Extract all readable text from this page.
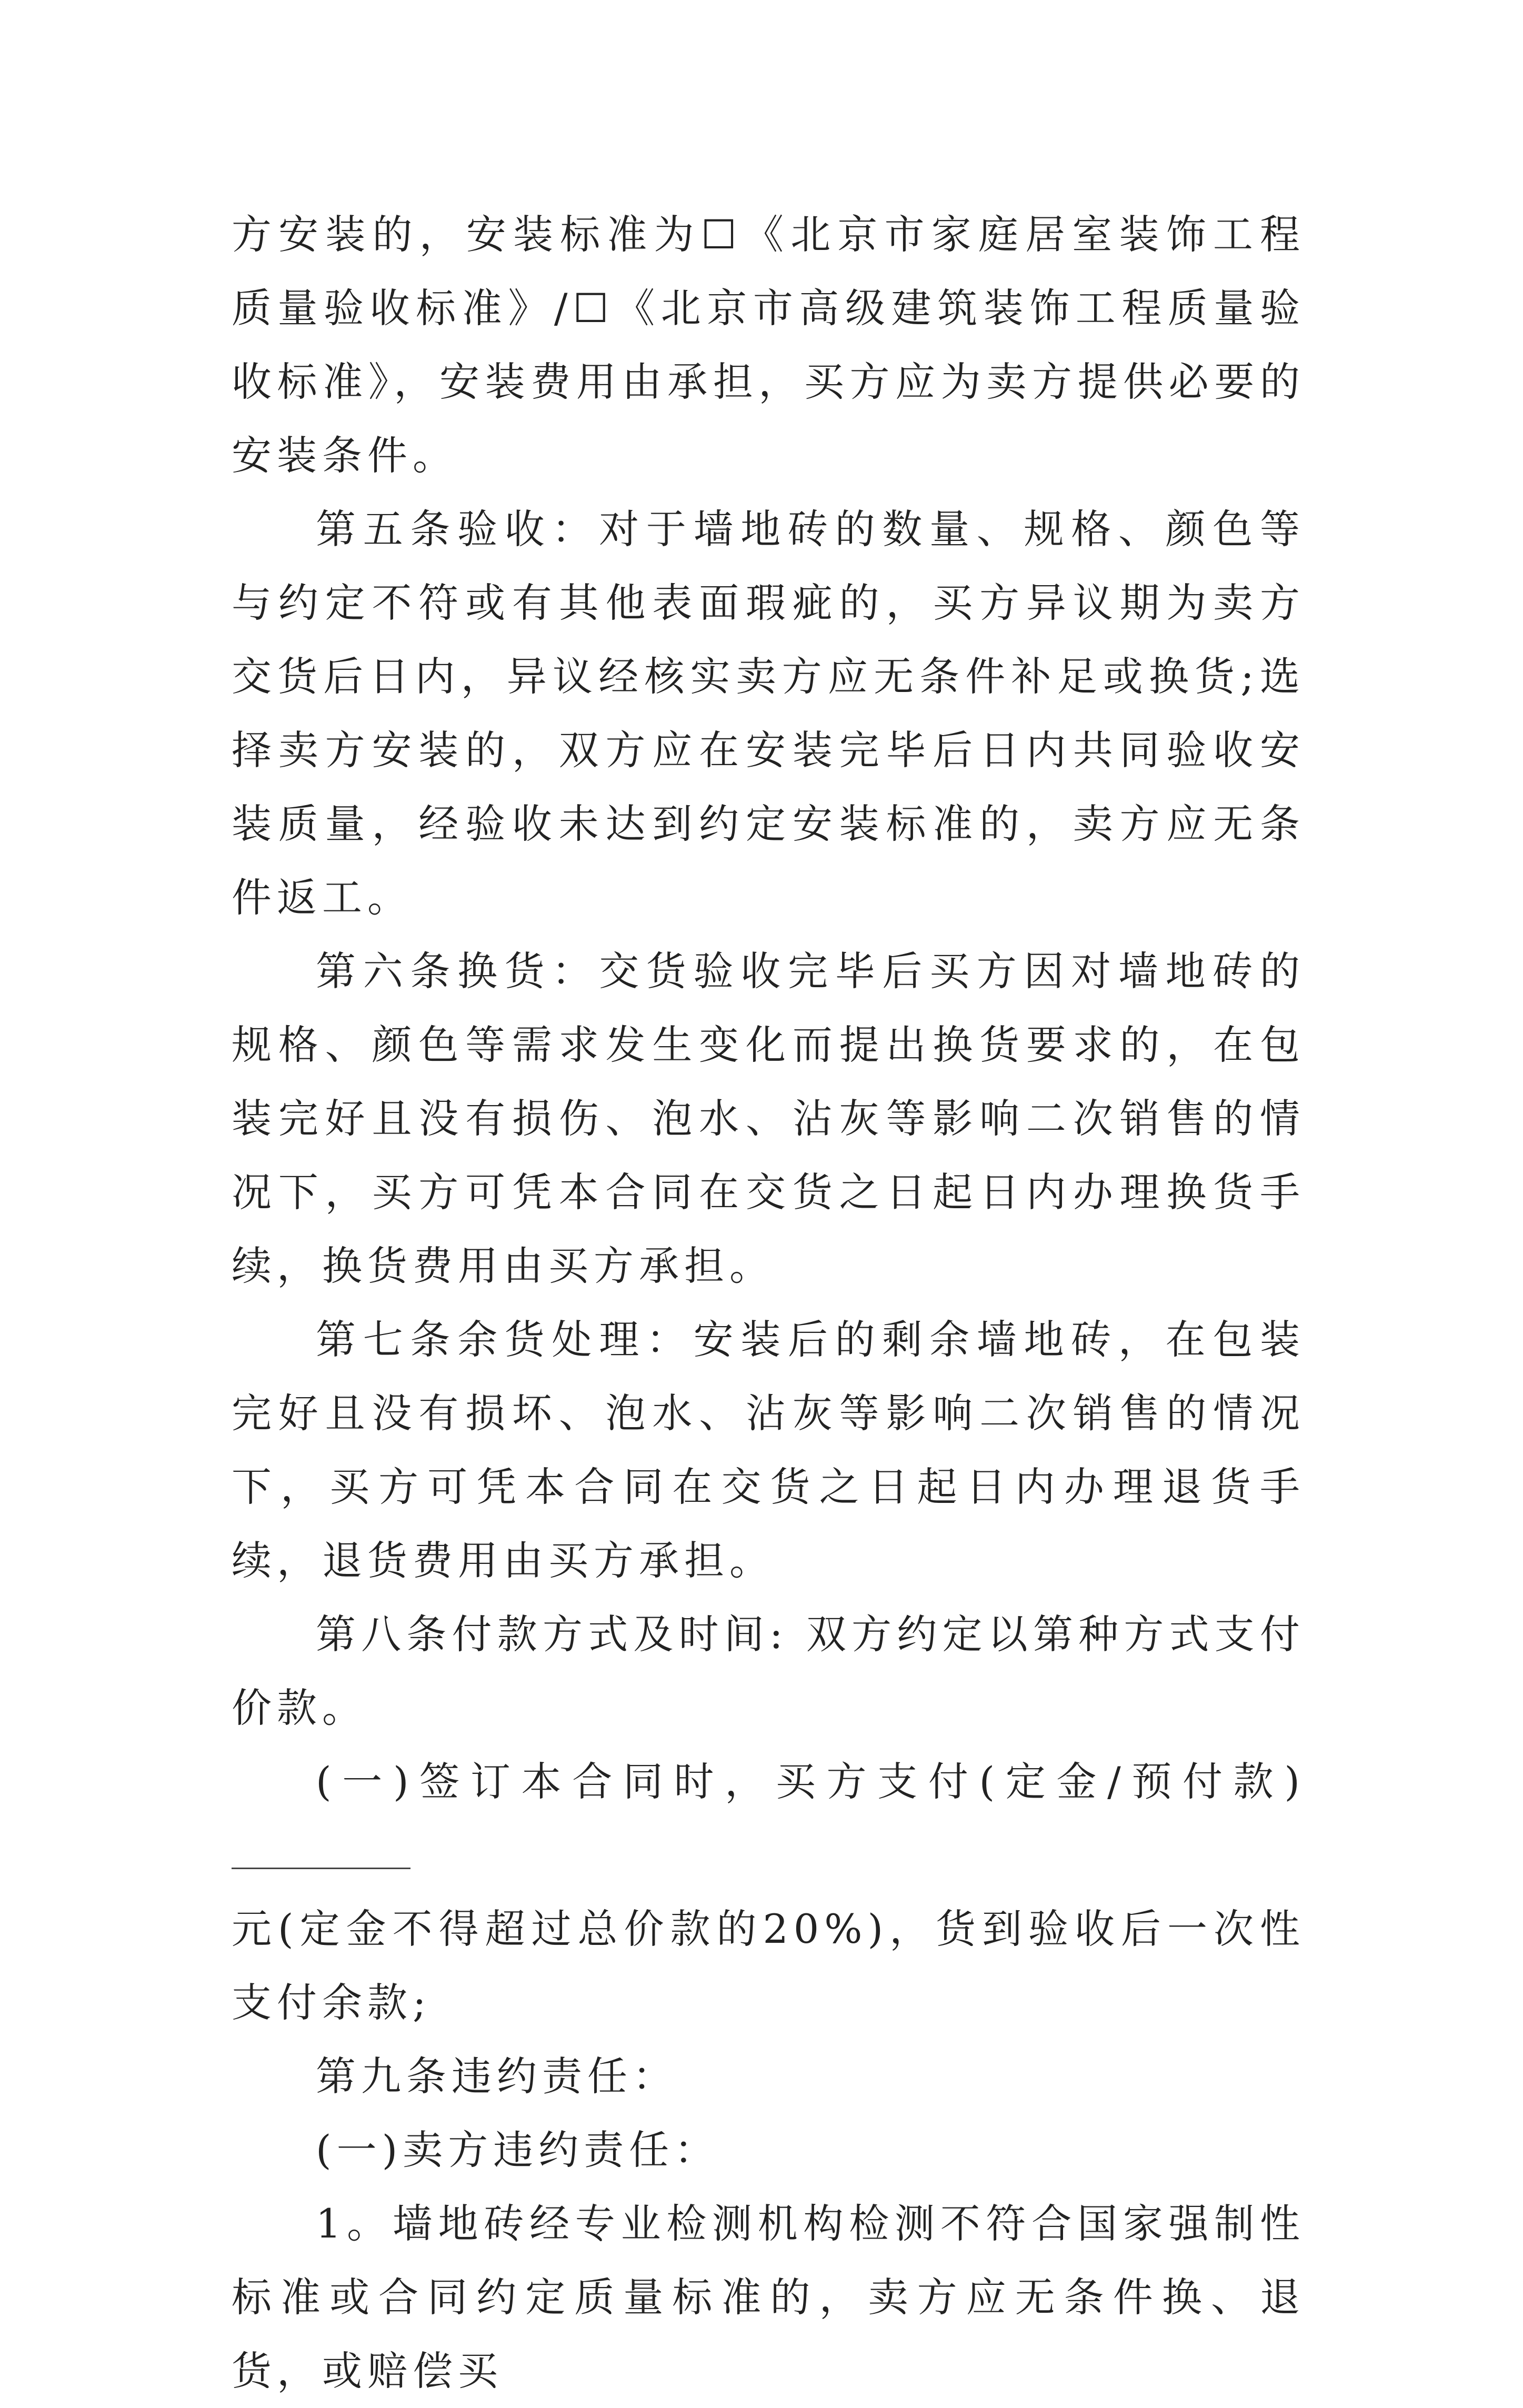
方安装的，安装标准为☐《北京市家庭居室装饰工程质量验收标准》/☐《北京市高级建筑装饰工程质量验收标准》，安装费用由承担，买方应为卖方提供必要的安装条件。

第五条验收：对于墙地砖的数量、规格、颜色等与约定不符或有其他表面瑕疵的，买方异议期为卖方交货后日内，异议经核实卖方应无条件补足或换货;选择卖方安装的，双方应在安装完毕后日内共同验收安装质量，经验收未达到约定安装标准的，卖方应无条件返工。

第六条换货：交货验收完毕后买方因对墙地砖的规格、颜色等需求发生变化而提出换货要求的，在包装完好且没有损伤、泡水、沾灰等影响二次销售的情况下，买方可凭本合同在交货之日起日内办理换货手续，换货费用由买方承担。

第七条余货处理：安装后的剩余墙地砖，在包装完好且没有损坏、泡水、沾灰等影响二次销售的情况下，买方可凭本合同在交货之日起日内办理退货手续，退货费用由买方承担。

第八条付款方式及时间: 双方约定以第种方式支付价款。

(一)签订本合同时，买方支付(定金/预付款)

元(定金不得超过总价款的20%)，货到验收后一次性支付余款;

第九条违约责任：

(一)卖方违约责任：

1。墙地砖经专业检测机构检测不符合国家强制性标准或合同约定质量标准的，卖方应无条件换、退货，或赔偿买
